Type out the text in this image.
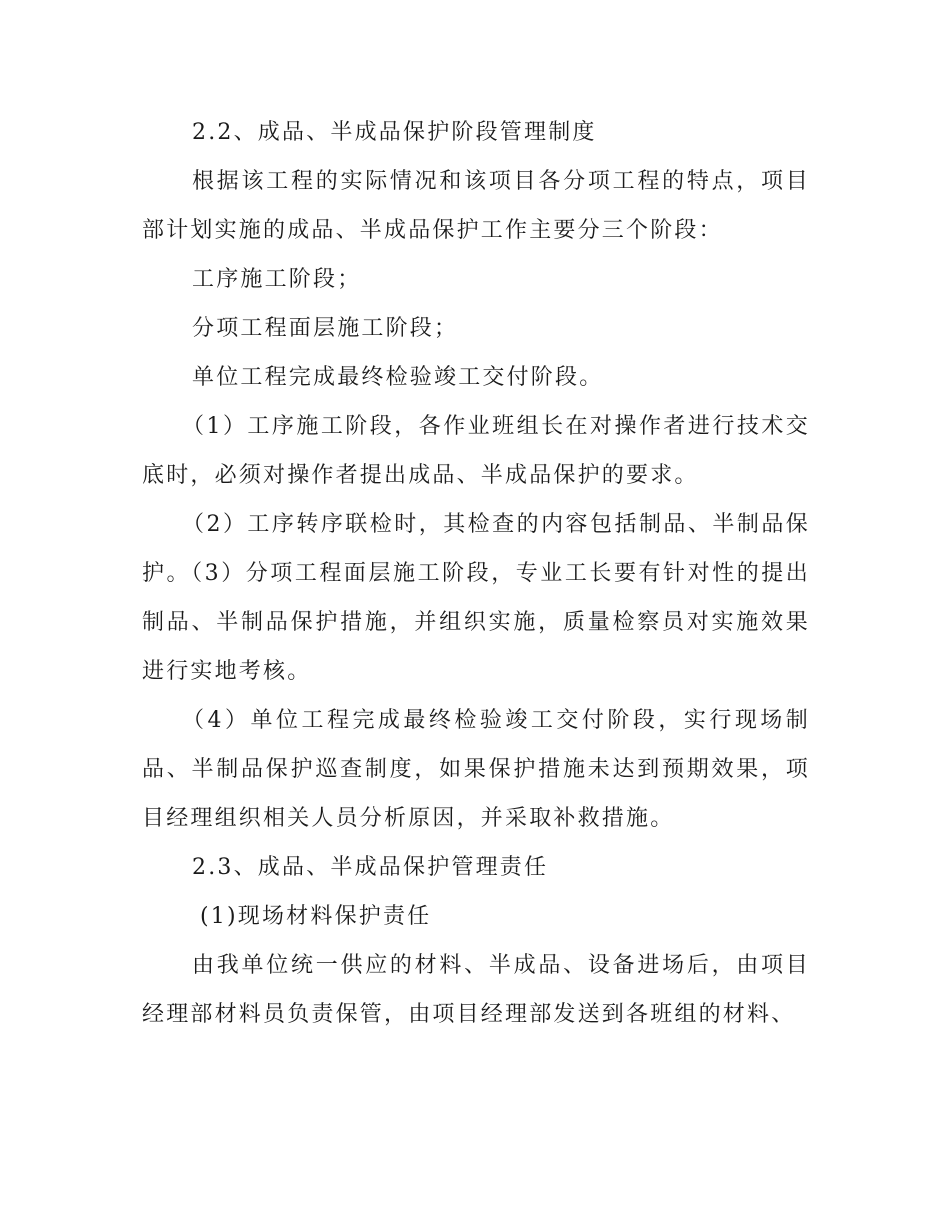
2.2、成品、半成品保护阶段管理制度

根据该工程的实际情况和该项目各分项工程的特点，项目部计划实施的成品、半成品保护工作主要分三个阶段：

工序施工阶段；

分项工程面层施工阶段；

单位工程完成最终检验竣工交付阶段。

（1）工序施工阶段，各作业班组长在对操作者进行技术交底时，必须对操作者提出成品、半成品保护的要求。

（2）工序转序联检时，其检查的内容包括制品、半制品保护。（3）分项工程面层施工阶段，专业工长要有针对性的提出制品、半制品保护措施，并组织实施，质量检察员对实施效果进行实地考核。

（4）单位工程完成最终检验竣工交付阶段，实行现场制品、半制品保护巡查制度，如果保护措施未达到预期效果，项目经理组织相关人员分析原因，并采取补救措施。

2.3、成品、半成品保护管理责任

(1)现场材料保护责任

由我单位统一供应的材料、半成品、设备进场后，由项目经理部材料员负责保管，由项目经理部发送到各班组的材料、
